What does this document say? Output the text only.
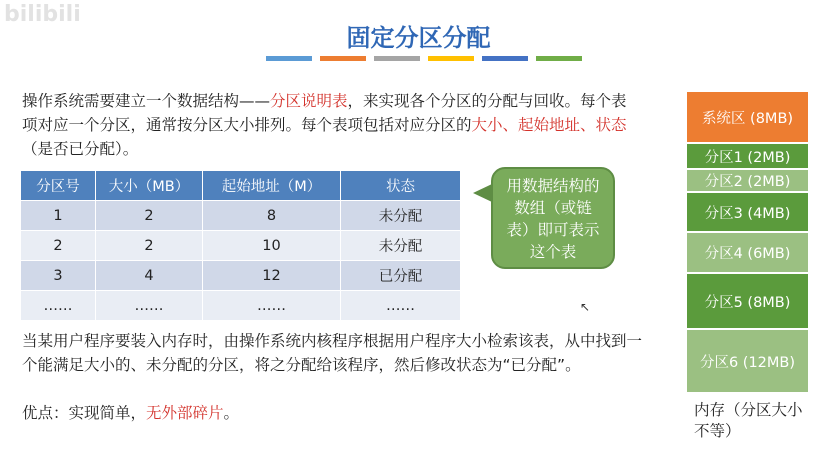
bilibili
固定分区分配
操作系统需要建立一个数据结构——分区说明表，来实现各个分区的分配与回收。每个表项对应一个分区，通常按分区大小排列。每个表项包括对应分区的大小、起始地址、状态（是否已分配）。
分区号	大小（MB）	起始地址（M）	状态
1	2	8	未分配
2	2	10	未分配
3	4	12	已分配
……	……	……	……
用数据结构的数组（或链表）即可表示这个表
↖
当某用户程序要装入内存时，由操作系统内核程序根据用户程序大小检索该表，从中找到一个能满足大小的、未分配的分区，将之分配给该程序，然后修改状态为“已分配”。
优点：实现简单，无外部碎片。
系统区 (8MB)
分区1 (2MB)
分区2 (2MB)
分区3 (4MB)
分区4 (6MB)
分区5 (8MB)
分区6 (12MB)
内存（分区大小不等）
